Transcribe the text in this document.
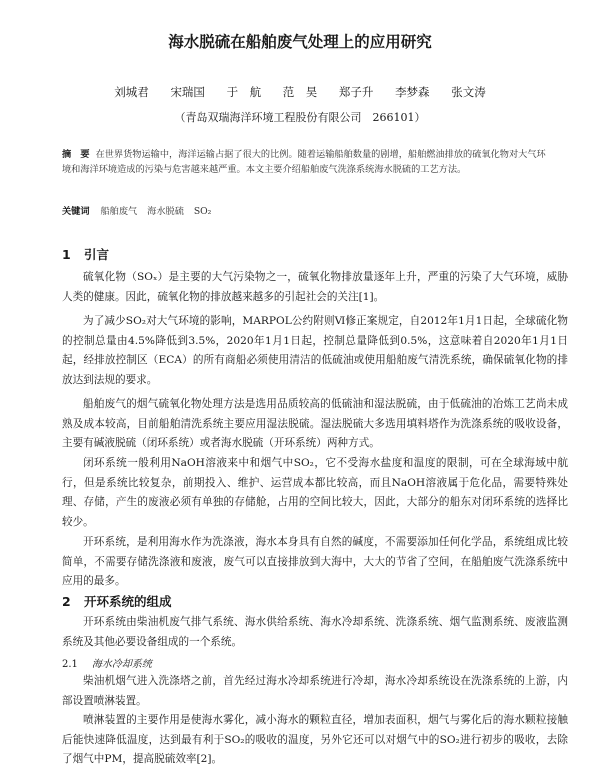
海水脱硫在船舶废气处理上的应用研究
刘城君 宋瑞国 于　航 范　昊 郑子升 李梦森 张文涛
（青岛双瑞海洋环境工程股份有限公司　266101）
摘　要 在世界货物运输中，海洋运输占据了很大的比例。随着运输船舶数量的剧增，船舶燃油排放的硫氧化物对大气环境和海洋环境造成的污染与危害越来越严重。本文主要介绍船舶废气洗涤系统海水脱硫的工艺方法。
关键词 船舶废气 海水脱硫 SO₂
1 引言
硫氧化物（SOₓ）是主要的大气污染物之一，硫氧化物排放量逐年上升，严重的污染了大气环境，威胁人类的健康。因此，硫氧化物的排放越来越多的引起社会的关注[1]。
为了减少SO₂对大气环境的影响，MARPOL公约附则Ⅵ修正案规定，自2012年1月1日起，全球硫化物的控制总量由4.5%降低到3.5%，2020年1月1日起，控制总量降低到0.5%，这意味着自2020年1月1日起，经排放控制区（ECA）的所有商船必须使用清洁的低硫油或使用船舶废气清洗系统，确保硫氧化物的排放达到法规的要求。
船舶废气的烟气硫氧化物处理方法是选用品质较高的低硫油和湿法脱硫，由于低硫油的冶炼工艺尚未成熟及成本较高，目前船舶清洗系统主要应用湿法脱硫。湿法脱硫大多选用填料塔作为洗涤系统的吸收设备，主要有碱液脱硫（闭环系统）或者海水脱硫（开环系统）两种方式。
闭环系统一般利用NaOH溶液来中和烟气中SO₂，它不受海水盐度和温度的限制，可在全球海域中航行，但是系统比较复杂，前期投入、维护、运营成本都比较高，而且NaOH溶液属于危化品，需要特殊处理、存储，产生的废液必须有单独的存储舱，占用的空间比较大，因此，大部分的船东对闭环系统的选择比较少。
开环系统，是利用海水作为洗涤液，海水本身具有自然的碱度，不需要添加任何化学品，系统组成比较简单，不需要存储洗涤液和废液，废气可以直接排放到大海中，大大的节省了空间，在船舶废气洗涤系统中应用的最多。
2 开环系统的组成
开环系统由柴油机废气排气系统、海水供给系统、海水冷却系统、洗涤系统、烟气监测系统、废液监测系统及其他必要设备组成的一个系统。
2.1 海水冷却系统
柴油机烟气进入洗涤塔之前，首先经过海水冷却系统进行冷却，海水冷却系统设在洗涤系统的上游，内部设置喷淋装置。
喷淋装置的主要作用是使海水雾化，减小海水的颗粒直径，增加表面积，烟气与雾化后的海水颗粒接触后能快速降低温度，达到最有利于SO₂的吸收的温度，另外它还可以对烟气中的SO₂进行初步的吸收，去除了烟气中PM，提高脱硫效率[2]。
